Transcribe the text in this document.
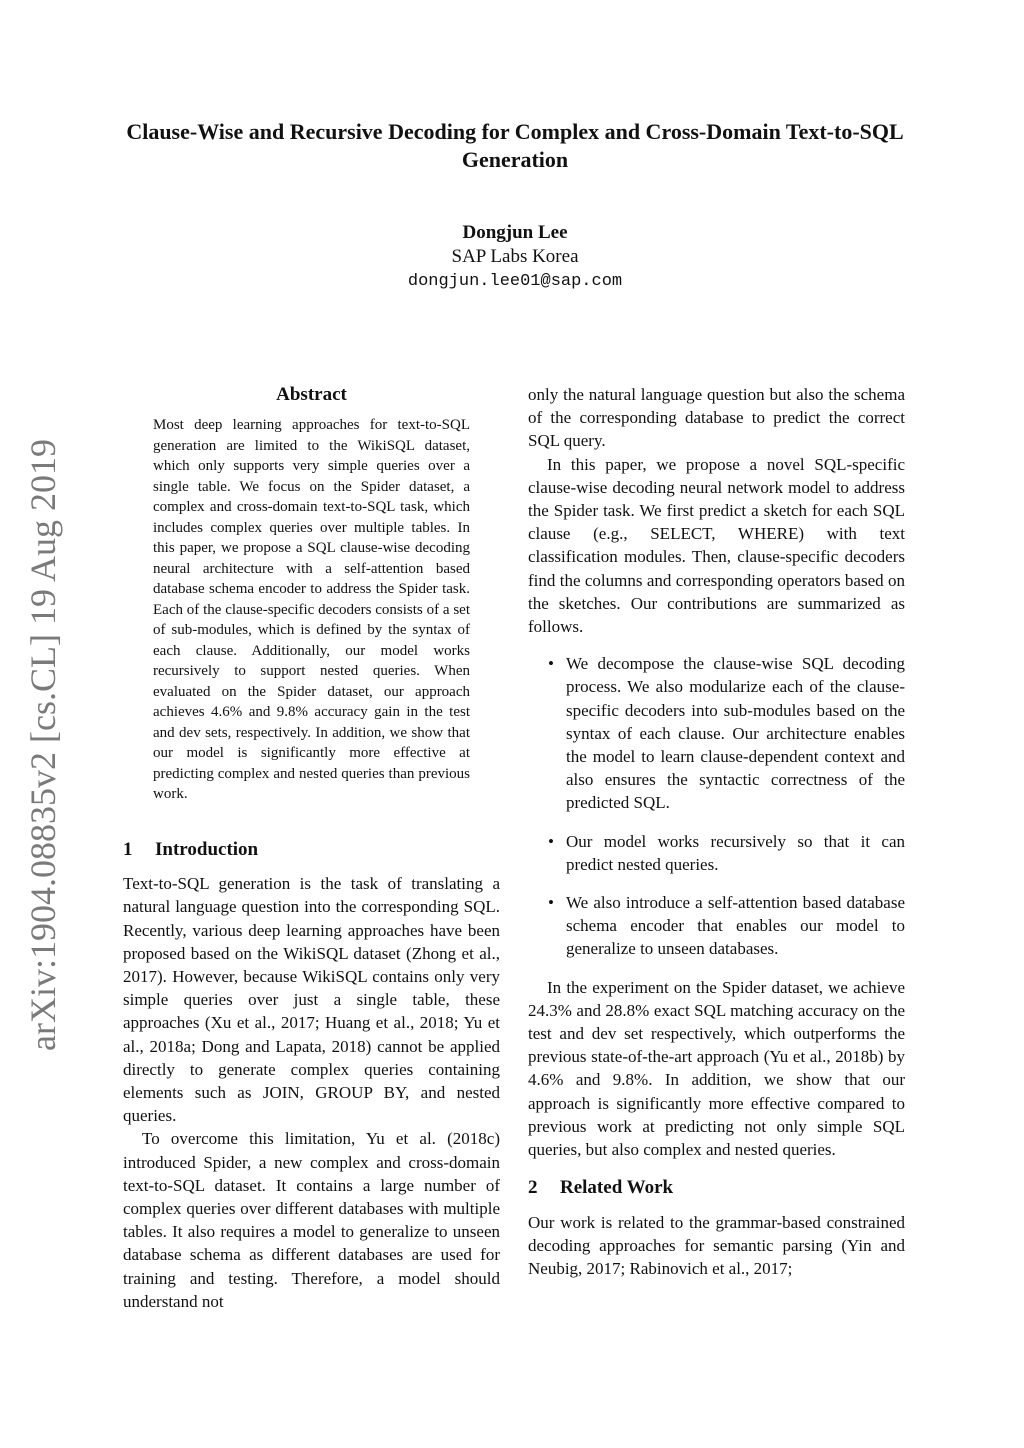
Clause-Wise and Recursive Decoding for Complex and Cross-Domain Text-to-SQL Generation
Dongjun Lee
SAP Labs Korea
dongjun.lee01@sap.com
arXiv:1904.08835v2 [cs.CL] 19 Aug 2019
Abstract

Most deep learning approaches for text-to-SQL generation are limited to the WikiSQL dataset, which only supports very simple queries over a single table. We focus on the Spider dataset, a complex and cross-domain text-to-SQL task, which includes complex queries over multiple tables. In this paper, we propose a SQL clause-wise decoding neural architecture with a self-attention based database schema encoder to address the Spider task. Each of the clause-specific decoders consists of a set of sub-modules, which is defined by the syntax of each clause. Additionally, our model works recursively to support nested queries. When evaluated on the Spider dataset, our approach achieves 4.6% and 9.8% accuracy gain in the test and dev sets, respectively. In addition, we show that our model is significantly more effective at predicting complex and nested queries than previous work.

1 Introduction

Text-to-SQL generation is the task of translating a natural language question into the corresponding SQL. Recently, various deep learning approaches have been proposed based on the WikiSQL dataset (Zhong et al., 2017). However, because WikiSQL contains only very simple queries over just a single table, these approaches (Xu et al., 2017; Huang et al., 2018; Yu et al., 2018a; Dong and Lapata, 2018) cannot be applied directly to generate complex queries containing elements such as JOIN, GROUP BY, and nested queries.

To overcome this limitation, Yu et al. (2018c) introduced Spider, a new complex and cross-domain text-to-SQL dataset. It contains a large number of complex queries over different databases with multiple tables. It also requires a model to generalize to unseen database schema as different databases are used for training and testing. Therefore, a model should understand not

only the natural language question but also the schema of the corresponding database to predict the correct SQL query.

In this paper, we propose a novel SQL-specific clause-wise decoding neural network model to address the Spider task. We first predict a sketch for each SQL clause (e.g., SELECT, WHERE) with text classification modules. Then, clause-specific decoders find the columns and corresponding operators based on the sketches. Our contributions are summarized as follows.

• We decompose the clause-wise SQL decoding process. We also modularize each of the clause-specific decoders into sub-modules based on the syntax of each clause. Our architecture enables the model to learn clause-dependent context and also ensures the syntactic correctness of the predicted SQL.
• Our model works recursively so that it can predict nested queries.
• We also introduce a self-attention based database schema encoder that enables our model to generalize to unseen databases.

In the experiment on the Spider dataset, we achieve 24.3% and 28.8% exact SQL matching accuracy on the test and dev set respectively, which outperforms the previous state-of-the-art approach (Yu et al., 2018b) by 4.6% and 9.8%. In addition, we show that our approach is significantly more effective compared to previous work at predicting not only simple SQL queries, but also complex and nested queries.

2 Related Work

Our work is related to the grammar-based constrained decoding approaches for semantic parsing (Yin and Neubig, 2017; Rabinovich et al., 2017;
